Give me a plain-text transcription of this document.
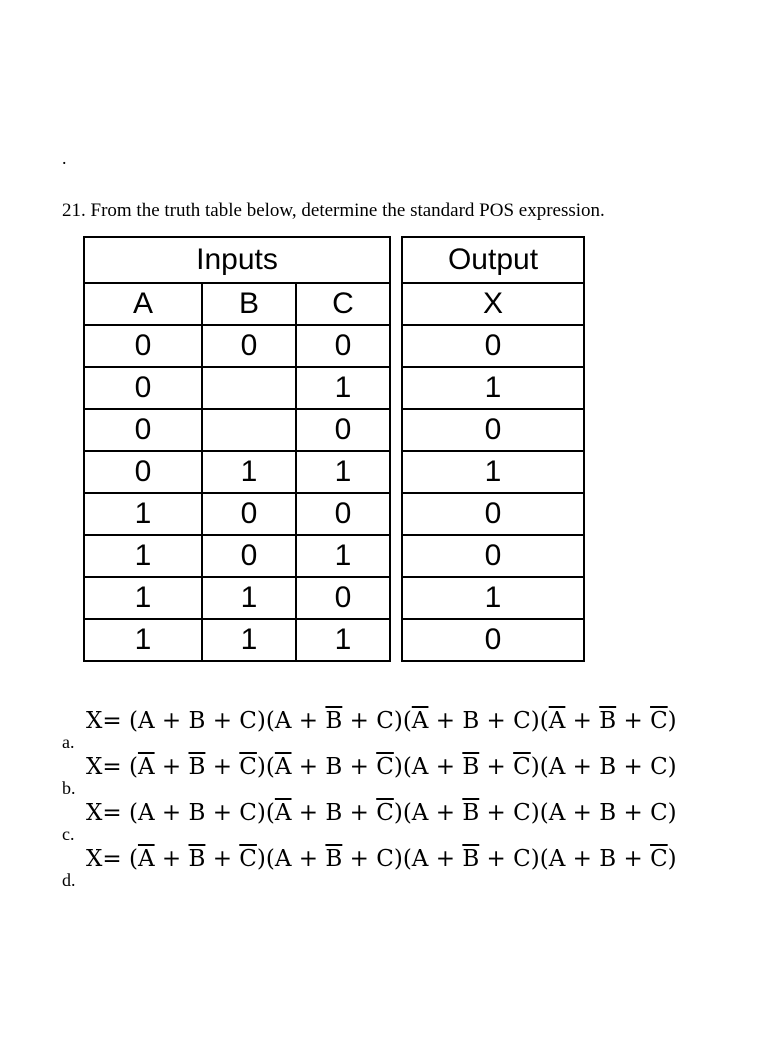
.
21. From the truth table below, determine the standard POS expression.
Inputs				Output
A	B	C		X
0	0	0		0
0		1		1
0		0		0
0	1	1		1
1	0	0		0
1	0	1		0
1	1	0		1
1	1	1		0
a.
$X= (A + B + C)(A + \overline{B} + C)(\overline{A} + B + C)(\overline{A} + \overline{B} + \overline{C})$
b.
$X= (\overline{A} + \overline{B} + \overline{C})(\overline{A} + B + \overline{C})(A + \overline{B} + \overline{C})(A + B + C)$
c.
$X= (A + B + C)(\overline{A} + B + \overline{C})(A + \overline{B} + C)(A + B + C)$
d.
$X= (\overline{A} + \overline{B} + \overline{C})(A + \overline{B} + C)(A + \overline{B} + C)(A + B + \overline{C})$
